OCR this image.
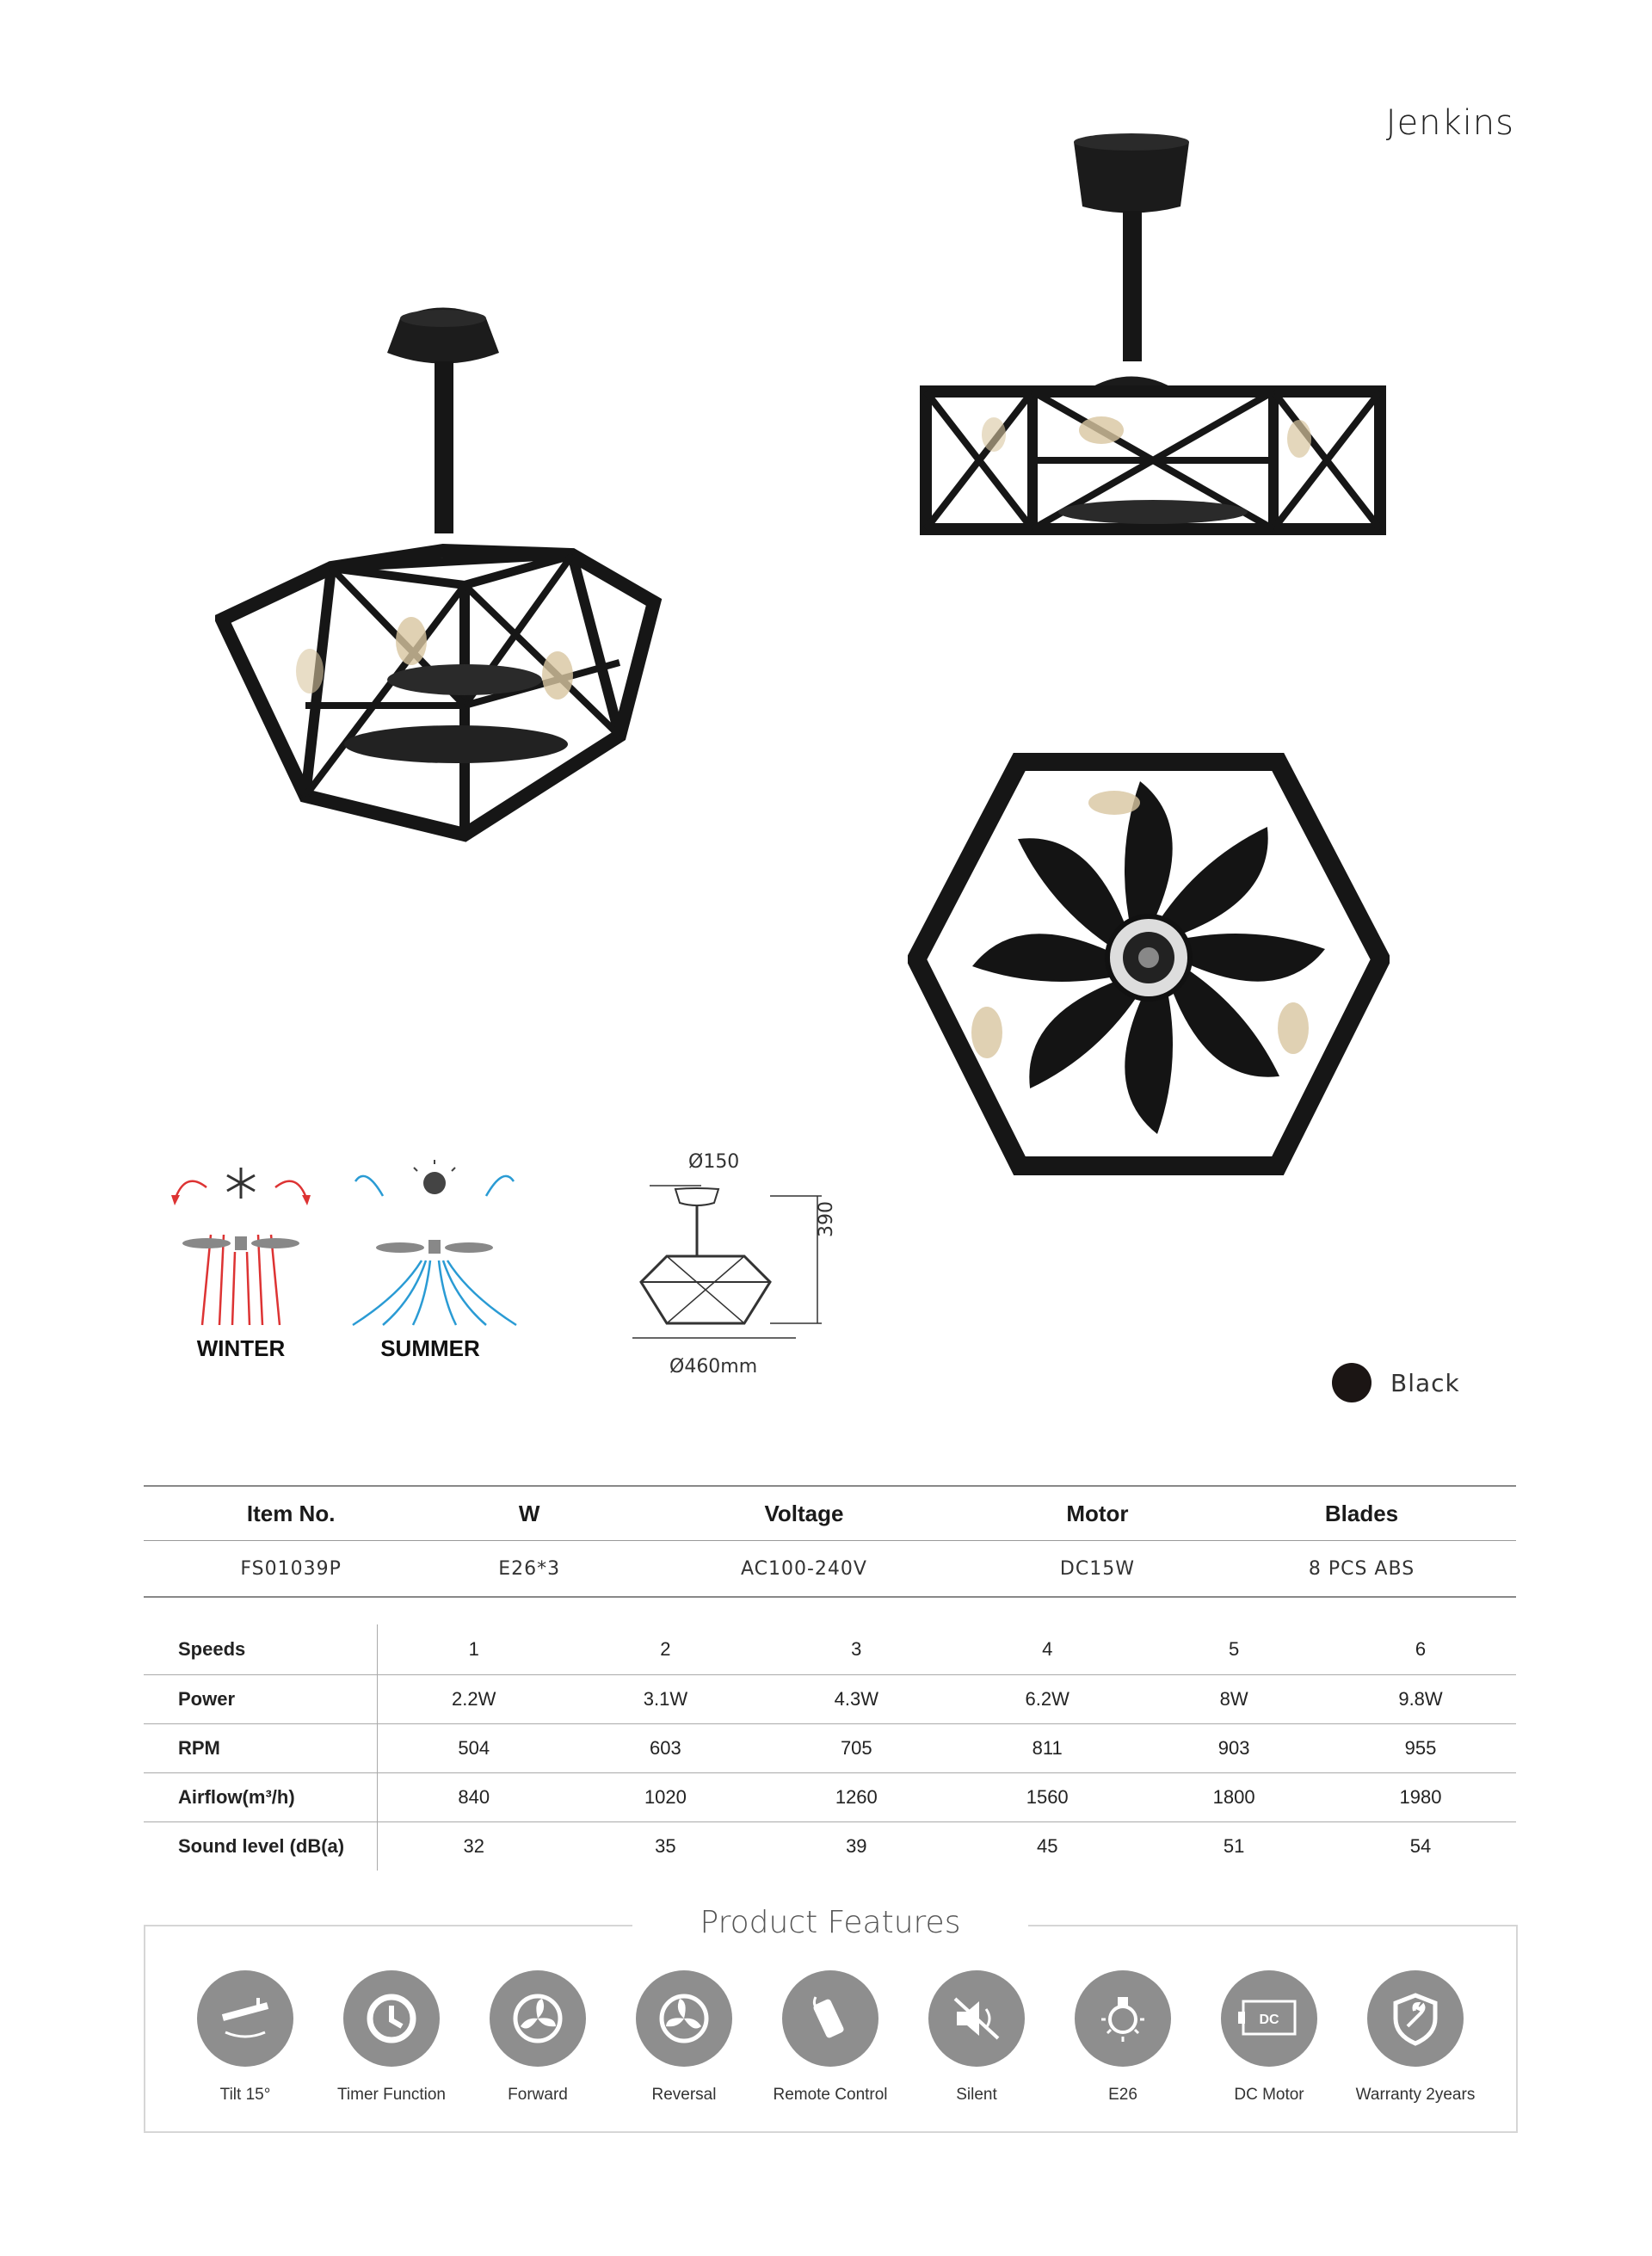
Jenkins
WINTER	SUMMER
Ø150
390
Ø460mm
Black
Item No.	W	Voltage	Motor	Blades
FS01039P	E26*3	AC100-240V	DC15W	8 PCS ABS
Speeds	1	2	3	4	5	6
Power	2.2W	3.1W	4.3W	6.2W	8W	9.8W
RPM	504	603	705	811	903	955
Airflow(m³/h)	840	1020	1260	1560	1800	1980
Sound level (dB(a)	32	35	39	45	51	54
Product Features
Tilt 15°	Timer Function	Forward	Reversal	Remote Control	Silent	E26
DC
DC Motor	Warranty 2years
